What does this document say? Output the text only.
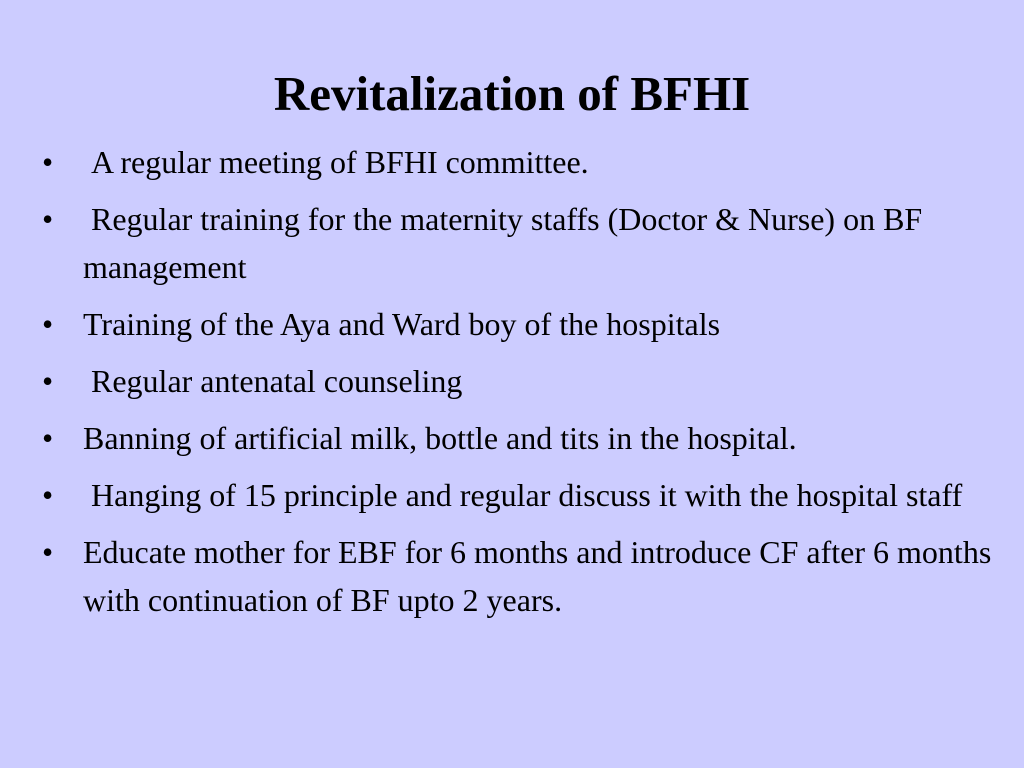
Revitalization of BFHI
• A regular meeting of BFHI committee.
• Regular training for the maternity staffs (Doctor & Nurse) on BF management
• Training of the Aya and Ward boy of the hospitals
• Regular antenatal counseling
• Banning of artificial milk, bottle and tits in the hospital.
• Hanging of 15 principle and regular discuss it with the hospital staff
• Educate mother for EBF for 6 months and introduce CF after 6 months with continuation of BF upto 2 years.
